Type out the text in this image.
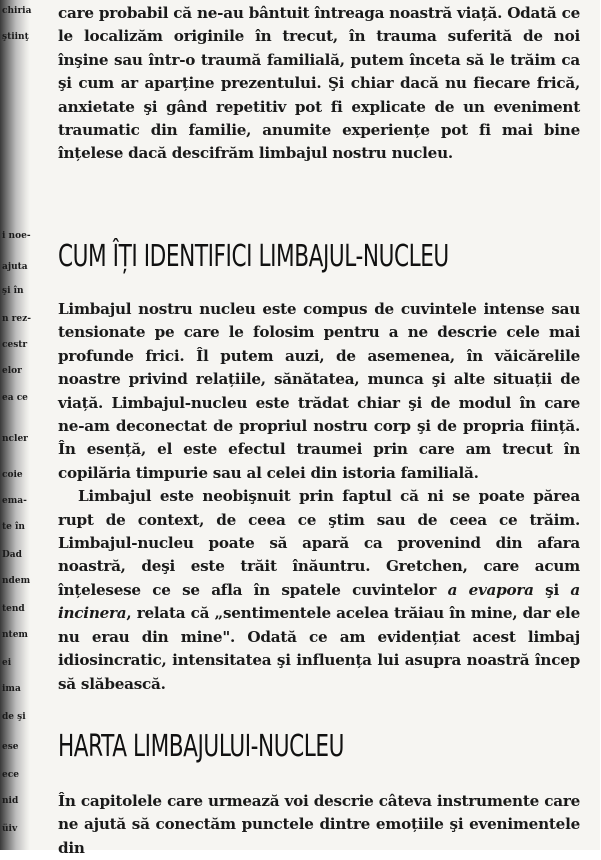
chiria
ştiinţ
i noe-
ajuta
şi în
n rez-
cestr
elor
ea ce
ncler
coie
ema-
te în
Dad
ndem
tend
ntem
ei
ima
de şi
ese
ece
nid
üiv

care probabil că ne-au bântuit întreaga noastră viață. Odată ce le localizăm originile în trecut, în trauma suferită de noi înşine sau într-o traumă familială, putem înceta să le trăim ca şi cum ar aparține prezentului. Şi chiar dacă nu fiecare frică, anxietate şi gând repetitiv pot fi explicate de un eveniment traumatic din familie, anumite experiențe pot fi mai bine înțelese dacă descifrăm limbajul nostru nucleu.

CUM ÎȚI IDENTIFICI LIMBAJUL-NUCLEU

Limbajul nostru nucleu este compus de cuvintele intense sau tensionate pe care le folosim pentru a ne descrie cele mai profunde frici. Îl putem auzi, de asemenea, în văicărelile noastre privind relațiile, sănătatea, munca şi alte situații de viață. Limbajul-nucleu este trădat chiar şi de modul în care ne-am deconectat de propriul nostru corp şi de propria ființă. În esență, el este efectul traumei prin care am trecut în copilăria timpurie sau al celei din istoria familială.

Limbajul este neobişnuit prin faptul că ni se poate părea rupt de context, de ceea ce ştim sau de ceea ce trăim. Limbajul-nucleu poate să apară ca provenind din afara noastră, deşi este trăit înăuntru. Gretchen, care acum înțelesese ce se afla în spatele cuvintelor a evapora şi a incinera, relata că „sentimentele acelea trăiau în mine, dar ele nu erau din mine". Odată ce am evidențiat acest limbaj idiosincratic, intensitatea şi influența lui asupra noastră încep să slăbească.

HARTA LIMBAJULUI-NUCLEU

În capitolele care urmează voi descrie câteva instrumente care ne ajută să conectăm punctele dintre emoțiile şi evenimentele din
